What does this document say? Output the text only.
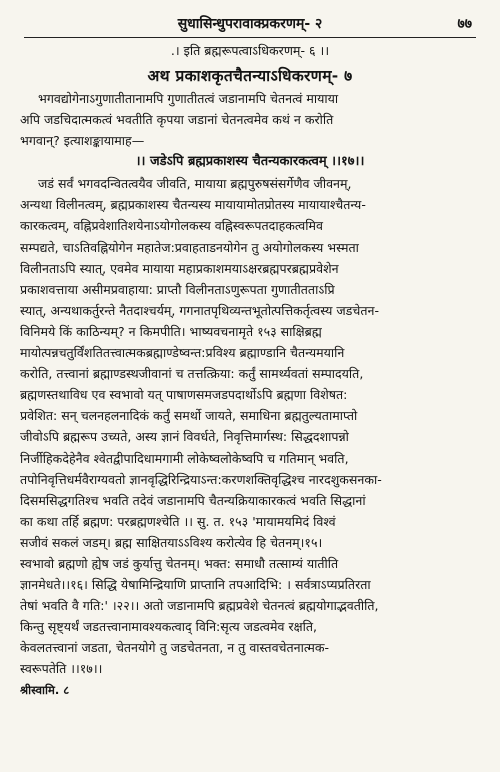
सुधासिन्धुपरावाक्प्रकरणम्- २	७७
.। इति ब्रह्मरूपत्वाऽधिकरणम्- ६ ।।
अथ प्रकाशकृतचैतन्याऽधिकरणम्- ७

भगवद्योगेनाऽगुणातीतानामपि गुणातीतत्वं जडानामपि चेतनत्वं मायाया
अपि जडचिदात्मकत्वं भवतीति कृपया जडानां चेतनत्वमेव कथं न करोति
भगवान्? इत्याशङ्कायामाह—

।। जडेऽपि ब्रह्मप्रकाशस्य चैतन्यकारकत्वम् ।।१७।।

जडं सर्वं भगवदन्वितत्वयैव जीवति, मायाया ब्रह्मपुरुषसंसर्गेणैव जीवनम्,
अन्यथा विलीनत्वम्, ब्रह्मप्रकाशस्य चैतन्यस्य मायायामोतप्रोतस्य मायायाश्चैतन्य-
कारकत्वम्, वह्निप्रवेशातिशयेनाऽयोगोलकस्य वह्निस्वरूपतदाहकत्वमिव
सम्पद्यते, चाऽतिवह्नियोगेन महातेज:प्रवाहताडनयोगेन तु अयोगोलकस्य भस्मता
विलीनताऽपि स्यात्, एवमेव मायाया महाप्रकाशमयाऽक्षरब्रह्मपरब्रह्मप्रवेशेन
प्रकाशवत्ताया असीमप्रवाहाया: प्राप्तौ विलीनताऽणुरूपता गुणातीतताऽप्रि
स्यात्, अन्यथाकर्तुरन्ते नैतदाश्चर्यम्, गगनातपृथिव्यन्तभूतोत्पत्तिकर्तृत्वस्य जडचेतन-
विनिमये किं काठिन्यम्? न किमपीति। भाष्यवचनामृते १५३ साक्षिब्रह्म
मायोत्पन्नचतुर्विंशतितत्त्वात्मकब्रह्माण्डेष्वन्त:प्रविश्य ब्रह्माण्डानि चैतन्यमयानि
करोति, तत्त्वानां ब्रह्माण्डस्थजीवानां च तत्तत्क्रिया: कर्तुं सामर्थ्यवतां सम्पादयति,
ब्रह्मणस्तथाविध एव स्वभावो यत् पाषाणसमजडपदार्थोऽपि ब्रह्मणा विशेषत:
प्रवेशित: सन् चलनहलनादिकं कर्तुं समर्थो जायते, समाधिना ब्रह्मतुल्यतामाप्तो
जीवोऽपि ब्रह्मरूप उच्यते, अस्य ज्ञानं विवर्धते, निवृत्तिमार्गस्थ: सिद्धदशापन्नो
निर्जीहिकदेहेनैव श्वेतद्वीपादिधामगामी लोकेष्वलोकेष्वपि च गतिमान् भवति,
तपोनिवृत्तिधर्मवैराग्यवतो ज्ञानवृद्धिरिन्द्रियाऽन्त:करणशक्तिवृद्धिश्च नारदशुकसनका-
दिसमसिद्धगतिश्च भवति तदेवं जडानामपि चैतन्यक्रियाकारकत्वं भवति सिद्धानां
का कथा तर्हि ब्रह्मण: परब्रह्मणश्चेति ।। सु. त. १५३ 'मायामयमिदं विश्वं
सजीवं सकलं जडम्। ब्रह्म साक्षितयाऽऽविश्य करोत्येव हि चेतनम्।१५।
स्वभावो ब्रह्मणो ह्येष जडं कुर्यात्तु चेतनम्। भक्त: समाधौ तत्साम्यं यातीति
ज्ञानमेधते।।१६। सिद्धि येषामिन्द्रियाणि प्राप्तानि तपआदिभि: । सर्वत्राऽप्यप्रतिरता
तेषां भवति वै गति:' ।२२।। अतो जडानामपि ब्रह्मप्रवेशे चेतनत्वं ब्रह्मयोगाद्भवतीति,
किन्तु सृष्ट्यर्थं जडतत्त्वानामावश्यकत्वाद् विनि:सृत्य जडत्वमेव रक्षति,
केवलतत्त्वानां जडता, चेतनयोगे तु जडचेतनता, न तु वास्तवचेतनात्मक-
स्वरूपतेति ।।१७।।

श्रीस्वामि. ८
